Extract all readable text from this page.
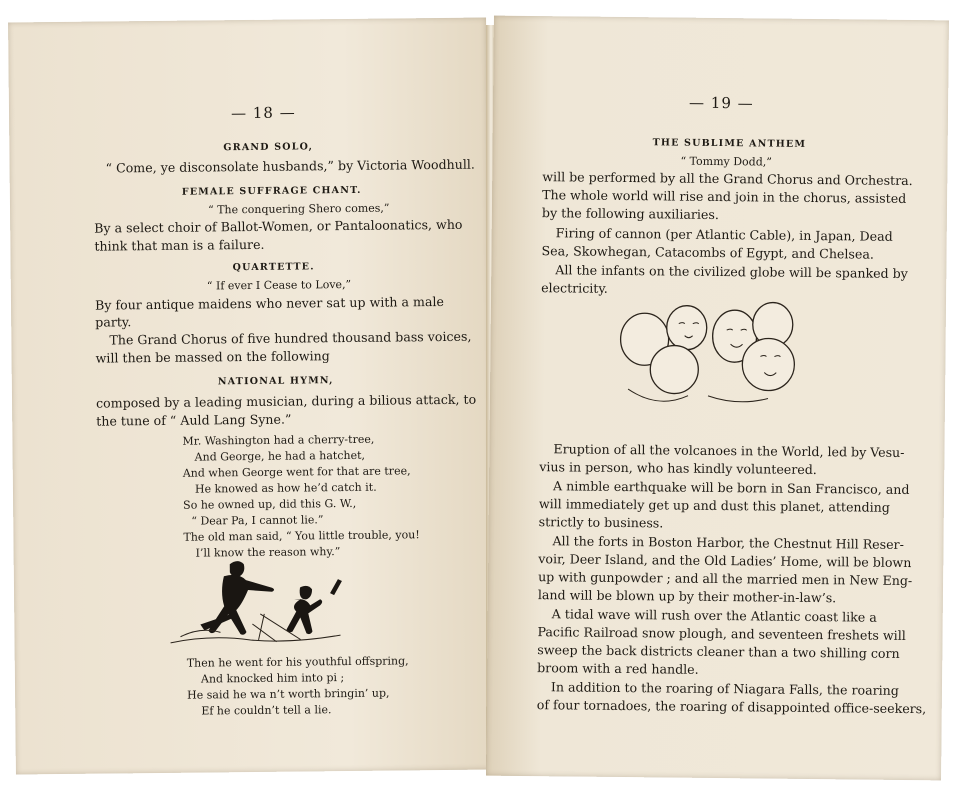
— 18 —
GRAND SOLO,
“ Come, ye disconsolate husbands,” by Victoria Woodhull.
FEMALE SUFFRAGE CHANT.
“ The conquering Shero comes,”
By a select choir of Ballot-Women, or Pantaloonatics, who
think that man is a failure.
QUARTETTE.
“ If ever I Cease to Love,”
By four antique maidens who never sat up with a male
party.
The Grand Chorus of five hundred thousand bass voices,
will then be massed on the following
NATIONAL HYMN,
composed by a leading musician, during a bilious attack, to
the tune of “ Auld Lang Syne.”
Mr. Washington had a cherry-tree,
And George, he had a hatchet,
And when George went for that are tree,
He knowed as how he’d catch it.
So he owned up, did this G. W.,
“ Dear Pa, I cannot lie.”
The old man said, “ You little trouble, you!
I’ll know the reason why.”
Then he went for his youthful offspring,
And knocked him into pi ;
He said he wa n’t worth bringin’ up,
Ef he couldn’t tell a lie.
— 19 —
THE SUBLIME ANTHEM
“ Tommy Dodd,”
will be performed by all the Grand Chorus and Orchestra.
The whole world will rise and join in the chorus, assisted
by the following auxiliaries.
Firing of cannon (per Atlantic Cable), in Japan, Dead
Sea, Skowhegan, Catacombs of Egypt, and Chelsea.
All the infants on the civilized globe will be spanked by
electricity.
Eruption of all the volcanoes in the World, led by Vesu-
vius in person, who has kindly volunteered.
A nimble earthquake will be born in San Francisco, and
will immediately get up and dust this planet, attending
strictly to business.
All the forts in Boston Harbor, the Chestnut Hill Reser-
voir, Deer Island, and the Old Ladies’ Home, will be blown
up with gunpowder ; and all the married men in New Eng-
land will be blown up by their mother-in-law’s.
A tidal wave will rush over the Atlantic coast like a
Pacific Railroad snow plough, and seventeen freshets will
sweep the back districts cleaner than a two shilling corn
broom with a red handle.
In addition to the roaring of Niagara Falls, the roaring
of four tornadoes, the roaring of disappointed office-seekers,
